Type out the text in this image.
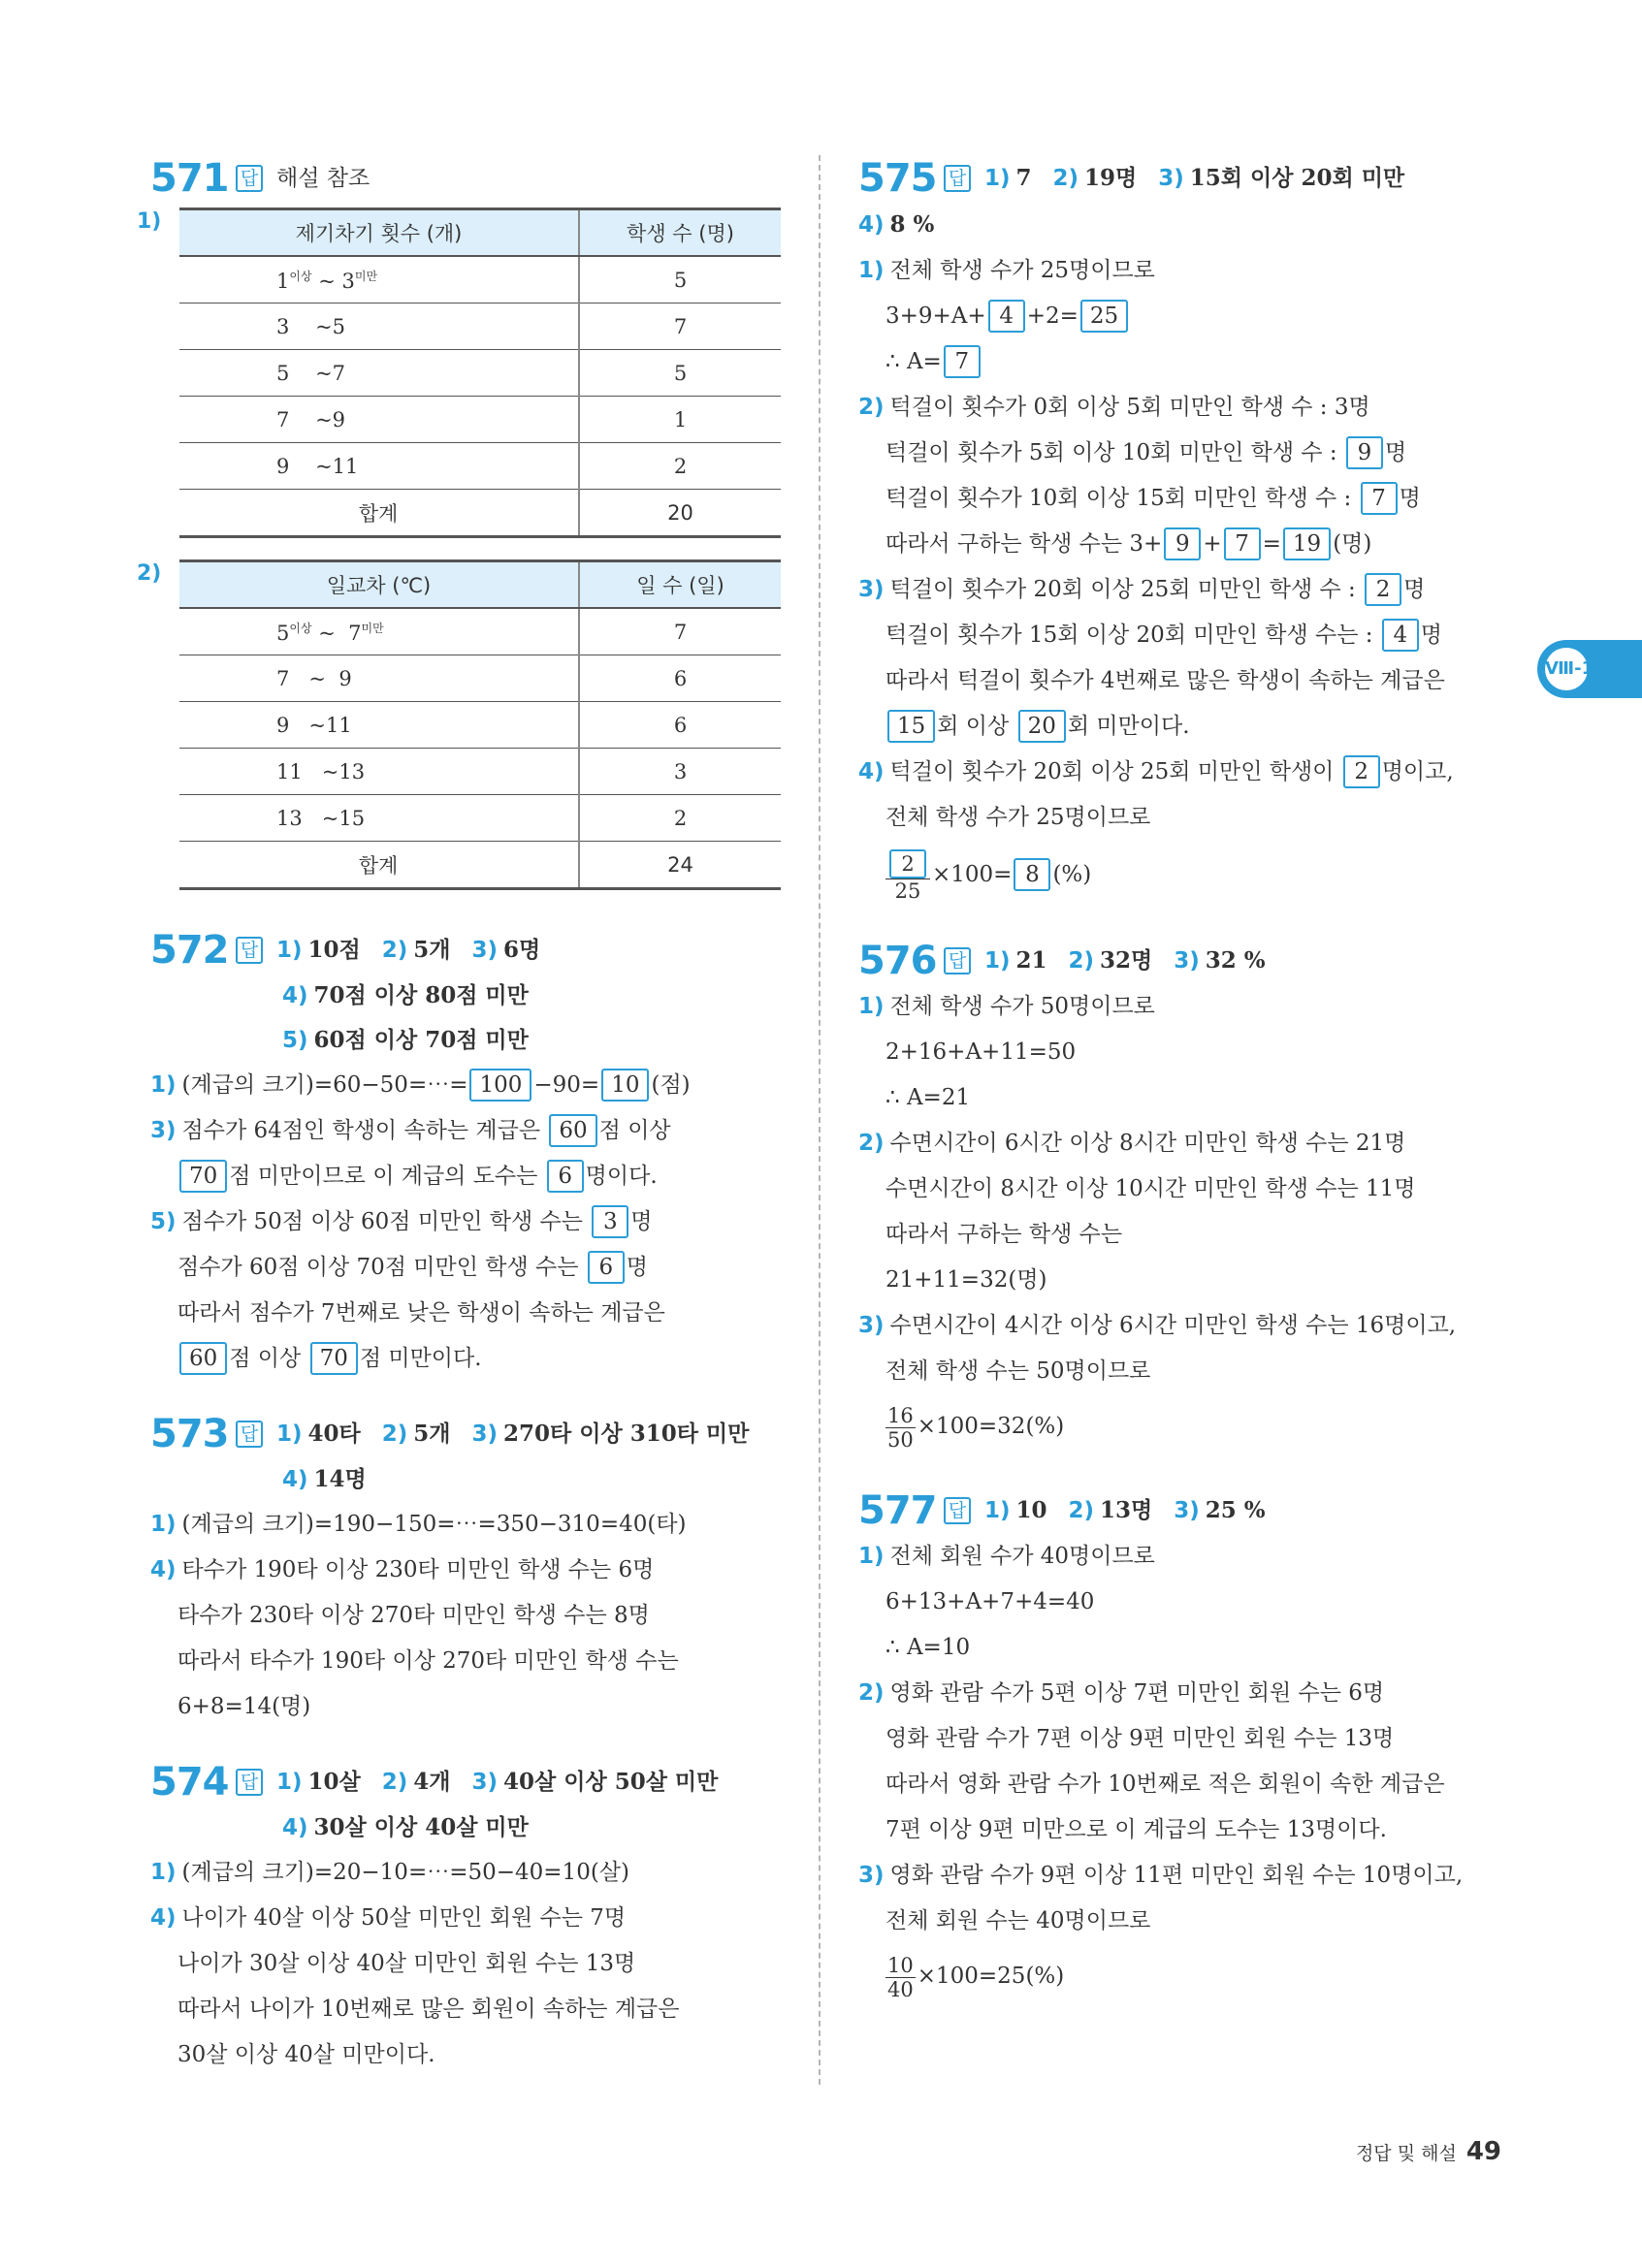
571 답 해설 참조
1)	제기차기 횟수 (개)	학생 수 (명)
$1^{이상}$ ~ $3^{미만}$	5
3    ~5	7
5    ~7	5
7    ~9	1
9    ~11	2
합계	20
2)	일교차 (℃)	일 수 (일)
$5^{이상}$ ~  $7^{미만}$	7
7   ~  9	6
9   ~11	6
11   ~13	3
13   ~15	2
합계	24
572 답 1) 10점 2) 5개 3) 6명
4) 70점 이상 80점 미만
5) 60점 이상 70점 미만
1) (계급의 크기)=60−50=⋯= 100 −90= 10 (점)
3) 점수가 64점인 학생이 속하는 계급은 60 점 이상
70 점 미만이므로 이 계급의 도수는 6 명이다.
5) 점수가 50점 이상 60점 미만인 학생 수는 3 명
점수가 60점 이상 70점 미만인 학생 수는 6 명
따라서 점수가 7번째로 낮은 학생이 속하는 계급은
60 점 이상 70 점 미만이다.
573 답 1) 40타 2) 5개 3) 270타 이상 310타 미만
4) 14명
1) (계급의 크기)=190−150=⋯=350−310=40(타)
4) 타수가 190타 이상 230타 미만인 학생 수는 6명
타수가 230타 이상 270타 미만인 학생 수는 8명
따라서 타수가 190타 이상 270타 미만인 학생 수는
6+8=14(명)
574 답 1) 10살 2) 4개 3) 40살 이상 50살 미만
4) 30살 이상 40살 미만
1) (계급의 크기)=20−10=⋯=50−40=10(살)
4) 나이가 40살 이상 50살 미만인 회원 수는 7명
나이가 30살 이상 40살 미만인 회원 수는 13명
따라서 나이가 10번째로 많은 회원이 속하는 계급은
30살 이상 40살 미만이다.
575 답 1) 7 2) 19명 3) 15회 이상 20회 미만
4) 8 %
1) 전체 학생 수가 25명이므로
3+9+A+ 4 +2= 25
∴ A= 7
2) 턱걸이 횟수가 0회 이상 5회 미만인 학생 수 : 3명
턱걸이 횟수가 5회 이상 10회 미만인 학생 수 : 9 명
턱걸이 횟수가 10회 이상 15회 미만인 학생 수 : 7 명
따라서 구하는 학생 수는 3+ 9 + 7 = 19 (명)
3) 턱걸이 횟수가 20회 이상 25회 미만인 학생 수 : 2 명
턱걸이 횟수가 15회 이상 20회 미만인 학생 수는 : 4 명
따라서 턱걸이 횟수가 4번째로 많은 학생이 속하는 계급은
15 회 이상 20 회 미만이다.
4) 턱걸이 횟수가 20회 이상 25회 미만인 학생이 2 명이고,
전체 학생 수가 25명이므로
$\frac{2}{25} \times 100= 8$ (%)
576 답 1) 21 2) 32명 3) 32 %
1) 전체 학생 수가 50명이므로
2+16+A+11=50
∴ A=21
2) 수면시간이 6시간 이상 8시간 미만인 학생 수는 21명
수면시간이 8시간 이상 10시간 미만인 학생 수는 11명
따라서 구하는 학생 수는
21+11=32(명)
3) 수면시간이 4시간 이상 6시간 미만인 학생 수는 16명이고,
전체 학생 수는 50명이므로
$\frac{16}{50} \times 100=32(\%)$
577 답 1) 10 2) 13명 3) 25 %
1) 전체 회원 수가 40명이므로
6+13+A+7+4=40
∴ A=10
2) 영화 관람 수가 5편 이상 7편 미만인 회원 수는 6명
영화 관람 수가 7편 이상 9편 미만인 회원 수는 13명
따라서 영화 관람 수가 10번째로 적은 회원이 속한 계급은
7편 이상 9편 미만으로 이 계급의 도수는 13명이다.
3) 영화 관람 수가 9편 이상 11편 미만인 회원 수는 10명이고,
전체 회원 수는 40명이므로
$\frac{10}{40} \times 100=25(\%)$
Ⅷ-1
정답 및 해설 49
